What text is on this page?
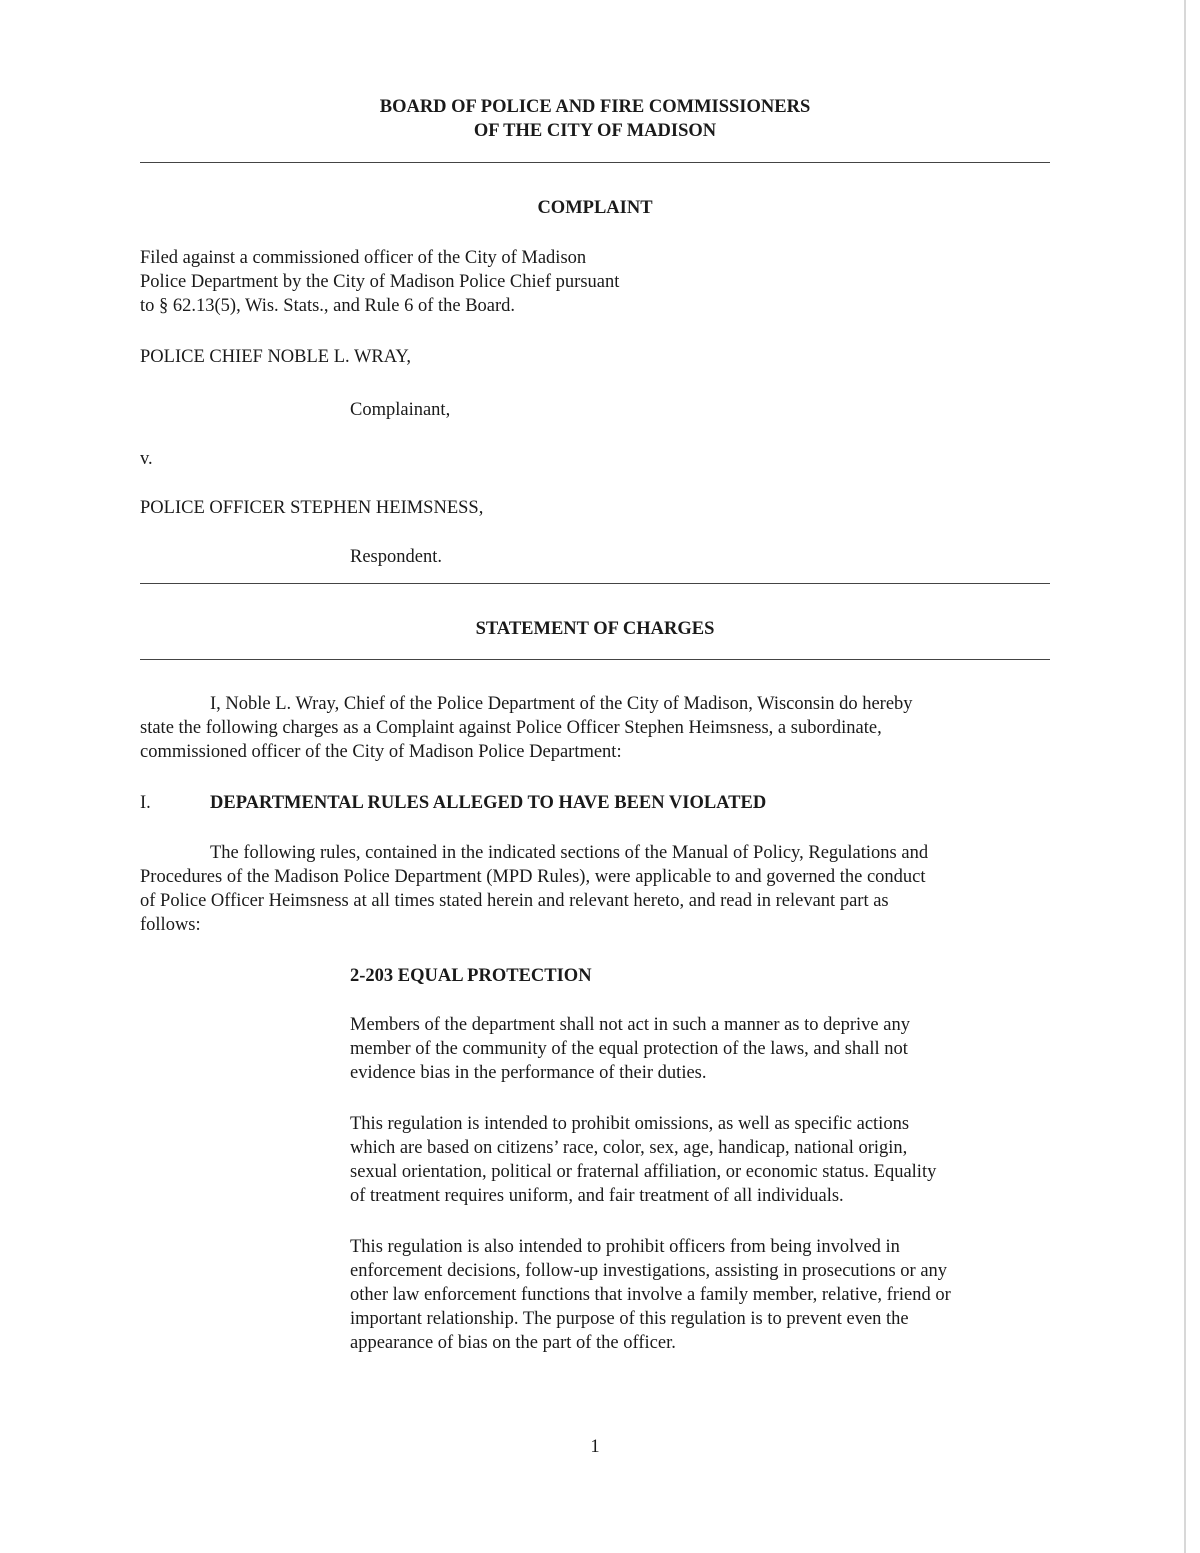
BOARD OF POLICE AND FIRE COMMISSIONERS
OF THE CITY OF MADISON
COMPLAINT
Filed against a commissioned officer of the City of Madison
Police Department by the City of Madison Police Chief pursuant
to § 62.13(5), Wis. Stats., and Rule 6 of the Board.
POLICE CHIEF NOBLE L. WRAY,
Complainant,
v.
POLICE OFFICER STEPHEN HEIMSNESS,
Respondent.
STATEMENT OF CHARGES
I, Noble L. Wray, Chief of the Police Department of the City of Madison, Wisconsin do hereby
state the following charges as a Complaint against Police Officer Stephen Heimsness, a subordinate,
commissioned officer of the City of Madison Police Department:
I.	DEPARTMENTAL RULES ALLEGED TO HAVE BEEN VIOLATED
The following rules, contained in the indicated sections of the Manual of Policy, Regulations and
Procedures of the Madison Police Department (MPD Rules), were applicable to and governed the conduct
of Police Officer Heimsness at all times stated herein and relevant hereto, and read in relevant part as
follows:
2-203 EQUAL PROTECTION
Members of the department shall not act in such a manner as to deprive any
member of the community of the equal protection of the laws, and shall not
evidence bias in the performance of their duties.
This regulation is intended to prohibit omissions, as well as specific actions
which are based on citizens’ race, color, sex, age, handicap, national origin,
sexual orientation, political or fraternal affiliation, or economic status. Equality
of treatment requires uniform, and fair treatment of all individuals.
This regulation is also intended to prohibit officers from being involved in
enforcement decisions, follow-up investigations, assisting in prosecutions or any
other law enforcement functions that involve a family member, relative, friend or
important relationship. The purpose of this regulation is to prevent even the
appearance of bias on the part of the officer.
1
